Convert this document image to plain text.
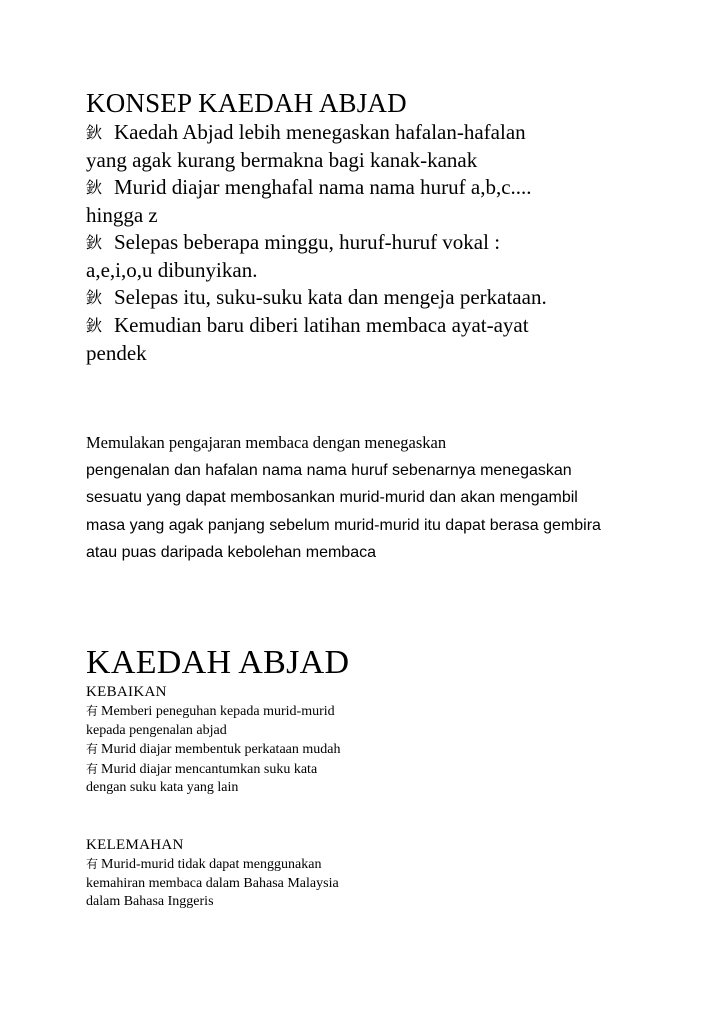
KONSEP KAEDAH ABJAD

鈥 Kaedah Abjad lebih menegaskan hafalan-hafalan yang agak kurang bermakna bagi kanak-kanak

鈥 Murid diajar menghafal nama nama huruf a,b,c.... hingga z

鈥 Selepas beberapa minggu, huruf-huruf vokal : a,e,i,o,u dibunyikan.

鈥 Selepas itu, suku-suku kata dan mengeja perkataan.

鈥 Kemudian baru diberi latihan membaca ayat-ayat pendek

Memulakan pengajaran membaca dengan menegaskan
pengenalan dan hafalan nama nama huruf sebenarnya menegaskan sesuatu yang dapat membosankan murid-murid dan akan mengambil masa yang agak panjang sebelum murid-murid itu dapat berasa gembira atau puas daripada kebolehan membaca
KAEDAH ABJAD

KEBAIKAN

有 Memberi peneguhan kepada murid-murid kepada pengenalan abjad

有 Murid diajar membentuk perkataan mudah

有 Murid diajar mencantumkan suku kata dengan suku kata yang lain

KELEMAHAN

有 Murid-murid tidak dapat menggunakan kemahiran membaca dalam Bahasa Malaysia dalam Bahasa Inggeris
